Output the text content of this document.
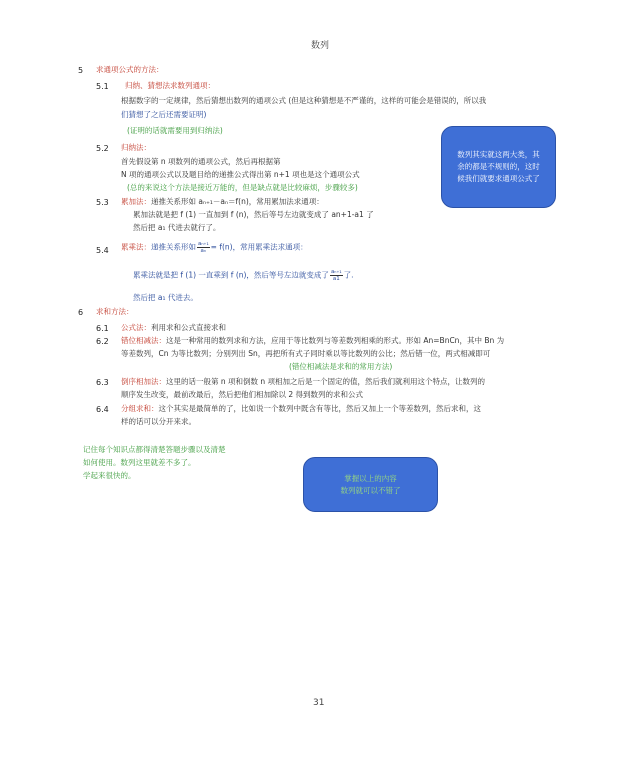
数列
5 求通项公式的方法：
5.1 归纳、猜想法求数列通项：
根据数字的一定规律，然后猜想出数列的通项公式 (但是这种猜想是不严谨的，这样的可能会是错误的，所以我
们猜想了之后还需要证明)
(证明的话就需要用到归纳法)
5.2 归纳法：
首先假设第 n 项数列的通项公式，然后再根据第
N 项的通项公式以及题目给的递推公式得出第 n+1 项也是这个通项公式
(总的来说这个方法是接近万能的，但是缺点就是比较麻烦，步骤较多)
5.3 累加法：递推关系形如 aₙ₊₁－aₙ＝f(n)，常用累加法求通项：
累加法就是把 f (1) 一直加到 f (n)，然后等号左边就变成了 an+1-a1 了
然后把 a₁ 代进去就行了。
5.4 累乘法：递推关系形如 $\frac{\text{aₙ₊₁}}{\text{aₙ}} = f(n)$，常用累乘法求通项：
累乘法就是把 f (1) 一直乘到 f (n)，然后等号左边就变成了 $\frac{\text{aₙ₊₁}}{a1}$ 了.
然后把 a₁ 代进去。
6 求和方法：
6.1 公式法：利用求和公式直接求和
6.2 错位相减法：这是一种常用的数列求和方法，应用于等比数列与等差数列相乘的形式。形如 An=BnCn，其中 Bn 为
等差数列，Cn 为等比数列；分别列出 Sn，再把所有式子同时乘以等比数列的公比；然后错一位，两式相减即可
(错位相减法是求和的常用方法)
6.3 倒序相加法：这里的话一般第 n 项和倒数 n 项相加之后是一个固定的值，然后我们就利用这个特点，让数列的
顺序发生改变，最前改最后，然后把他们相加除以 2 得到数列的求和公式
6.4 分组求和：这个其实是最简单的了，比如说一个数列中既含有等比，然后又加上一个等差数列，然后求和，这
样的话可以分开来求。
记住每个知识点都得清楚答题步骤以及清楚
如何使用。数列这里就差不多了。
学起来很快的。
数列其实就这两大类，其
余的都是不规则的，这时
候我们就要求通项公式了
掌握以上的内容
数列就可以不错了
31
